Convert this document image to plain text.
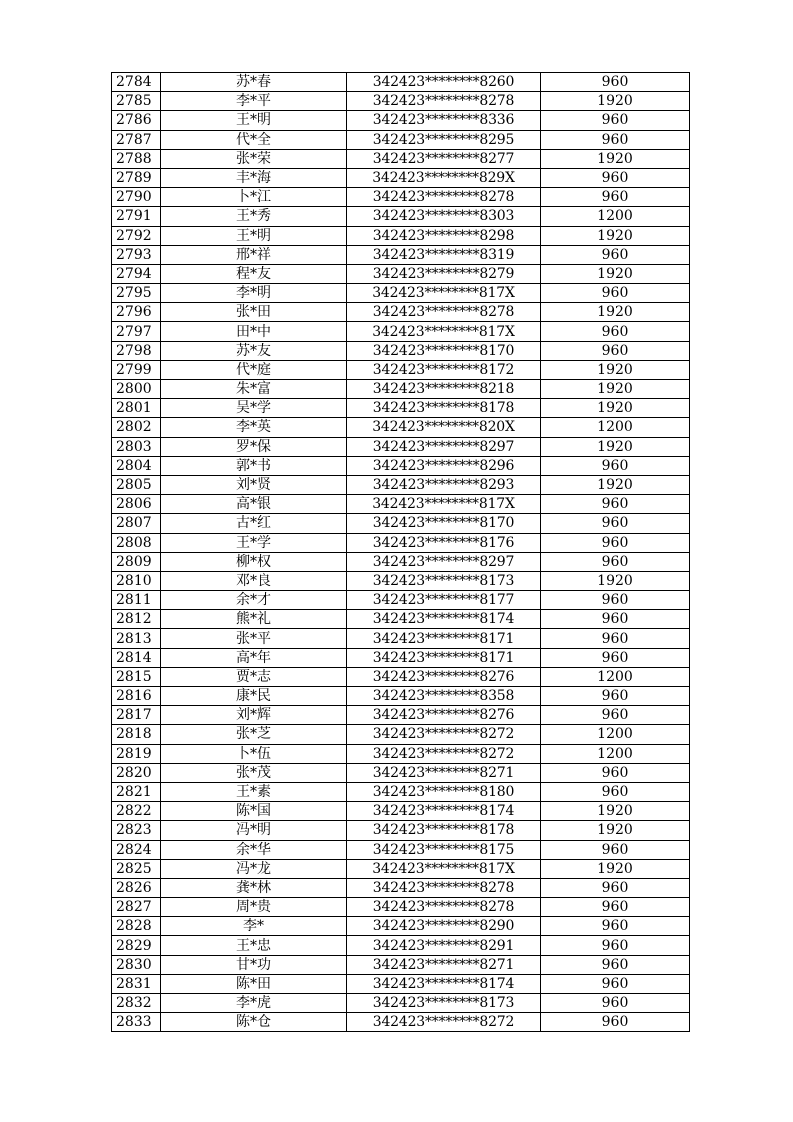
2784	苏*春	342423********8260	960
2785	李*平	342423********8278	1920
2786	王*明	342423********8336	960
2787	代*全	342423********8295	960
2788	张*荣	342423********8277	1920
2789	丰*海	342423********829X	960
2790	卜*江	342423********8278	960
2791	王*秀	342423********8303	1200
2792	王*明	342423********8298	1920
2793	邢*祥	342423********8319	960
2794	程*友	342423********8279	1920
2795	李*明	342423********817X	960
2796	张*田	342423********8278	1920
2797	田*中	342423********817X	960
2798	苏*友	342423********8170	960
2799	代*庭	342423********8172	1920
2800	朱*富	342423********8218	1920
2801	吴*学	342423********8178	1920
2802	李*英	342423********820X	1200
2803	罗*保	342423********8297	1920
2804	郭*书	342423********8296	960
2805	刘*贤	342423********8293	1920
2806	高*银	342423********817X	960
2807	古*红	342423********8170	960
2808	王*学	342423********8176	960
2809	柳*权	342423********8297	960
2810	邓*良	342423********8173	1920
2811	余*才	342423********8177	960
2812	熊*礼	342423********8174	960
2813	张*平	342423********8171	960
2814	高*年	342423********8171	960
2815	贾*志	342423********8276	1200
2816	康*民	342423********8358	960
2817	刘*辉	342423********8276	960
2818	张*芝	342423********8272	1200
2819	卜*伍	342423********8272	1200
2820	张*茂	342423********8271	960
2821	王*素	342423********8180	960
2822	陈*国	342423********8174	1920
2823	冯*明	342423********8178	1920
2824	余*华	342423********8175	960
2825	冯*龙	342423********817X	1920
2826	龚*林	342423********8278	960
2827	周*贵	342423********8278	960
2828	李*	342423********8290	960
2829	王*忠	342423********8291	960
2830	甘*功	342423********8271	960
2831	陈*田	342423********8174	960
2832	李*虎	342423********8173	960
2833	陈*仓	342423********8272	960
